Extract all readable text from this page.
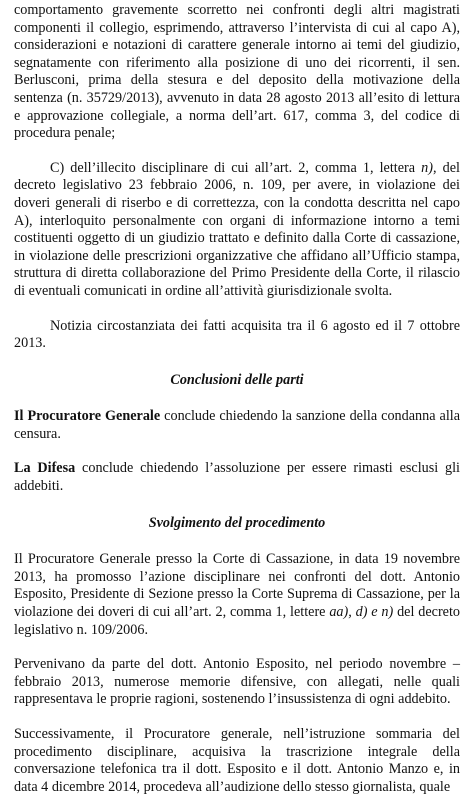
comportamento gravemente scorretto nei confronti degli altri magistrati componenti il collegio, esprimendo, attraverso l’intervista di cui al capo A), considerazioni e notazioni di carattere generale intorno ai temi del giudizio, segnatamente con riferimento alla posizione di uno dei ricorrenti, il sen. Berlusconi, prima della stesura e del deposito della motivazione della sentenza (n. 35729/2013), avvenuto in data 28 agosto 2013 all’esito di lettura e approvazione collegiale, a norma dell’art. 617, comma 3, del codice di procedura penale;

C) dell’illecito disciplinare di cui all’art. 2, comma 1, lettera n), del decreto legislativo 23 febbraio 2006, n. 109, per avere, in violazione dei doveri generali di riserbo e di correttezza, con la condotta descritta nel capo A), interloquito personalmente con organi di informazione intorno a temi costituenti oggetto di un giudizio trattato e definito dalla Corte di cassazione, in violazione delle prescrizioni organizzative che affidano all’Ufficio stampa, struttura di diretta collaborazione del Primo Presidente della Corte, il rilascio di eventuali comunicati in ordine all’attività giurisdizionale svolta.

Notizia circostanziata dei fatti acquisita tra il 6 agosto ed il 7 ottobre 2013.

Conclusioni delle parti

Il Procuratore Generale conclude chiedendo la sanzione della condanna alla censura.

La Difesa conclude chiedendo l’assoluzione per essere rimasti esclusi gli addebiti.

Svolgimento del procedimento

Il Procuratore Generale presso la Corte di Cassazione, in data 19 novembre 2013, ha promosso l’azione disciplinare nei confronti del dott. Antonio Esposito, Presidente di Sezione presso la Corte Suprema di Cassazione, per la violazione dei doveri di cui all’art. 2, comma 1, lettere aa), d) e n) del decreto legislativo n. 109/2006.

Pervenivano da parte del dott. Antonio Esposito, nel periodo novembre – febbraio 2013, numerose memorie difensive, con allegati, nelle quali rappresentava le proprie ragioni, sostenendo l’insussistenza di ogni addebito.

Successivamente, il Procuratore generale, nell’istruzione sommaria del procedimento disciplinare, acquisiva la trascrizione integrale della conversazione telefonica tra il dott. Esposito e il dott. Antonio Manzo e, in data 4 dicembre 2014, procedeva all’audizione dello stesso giornalista, quale
